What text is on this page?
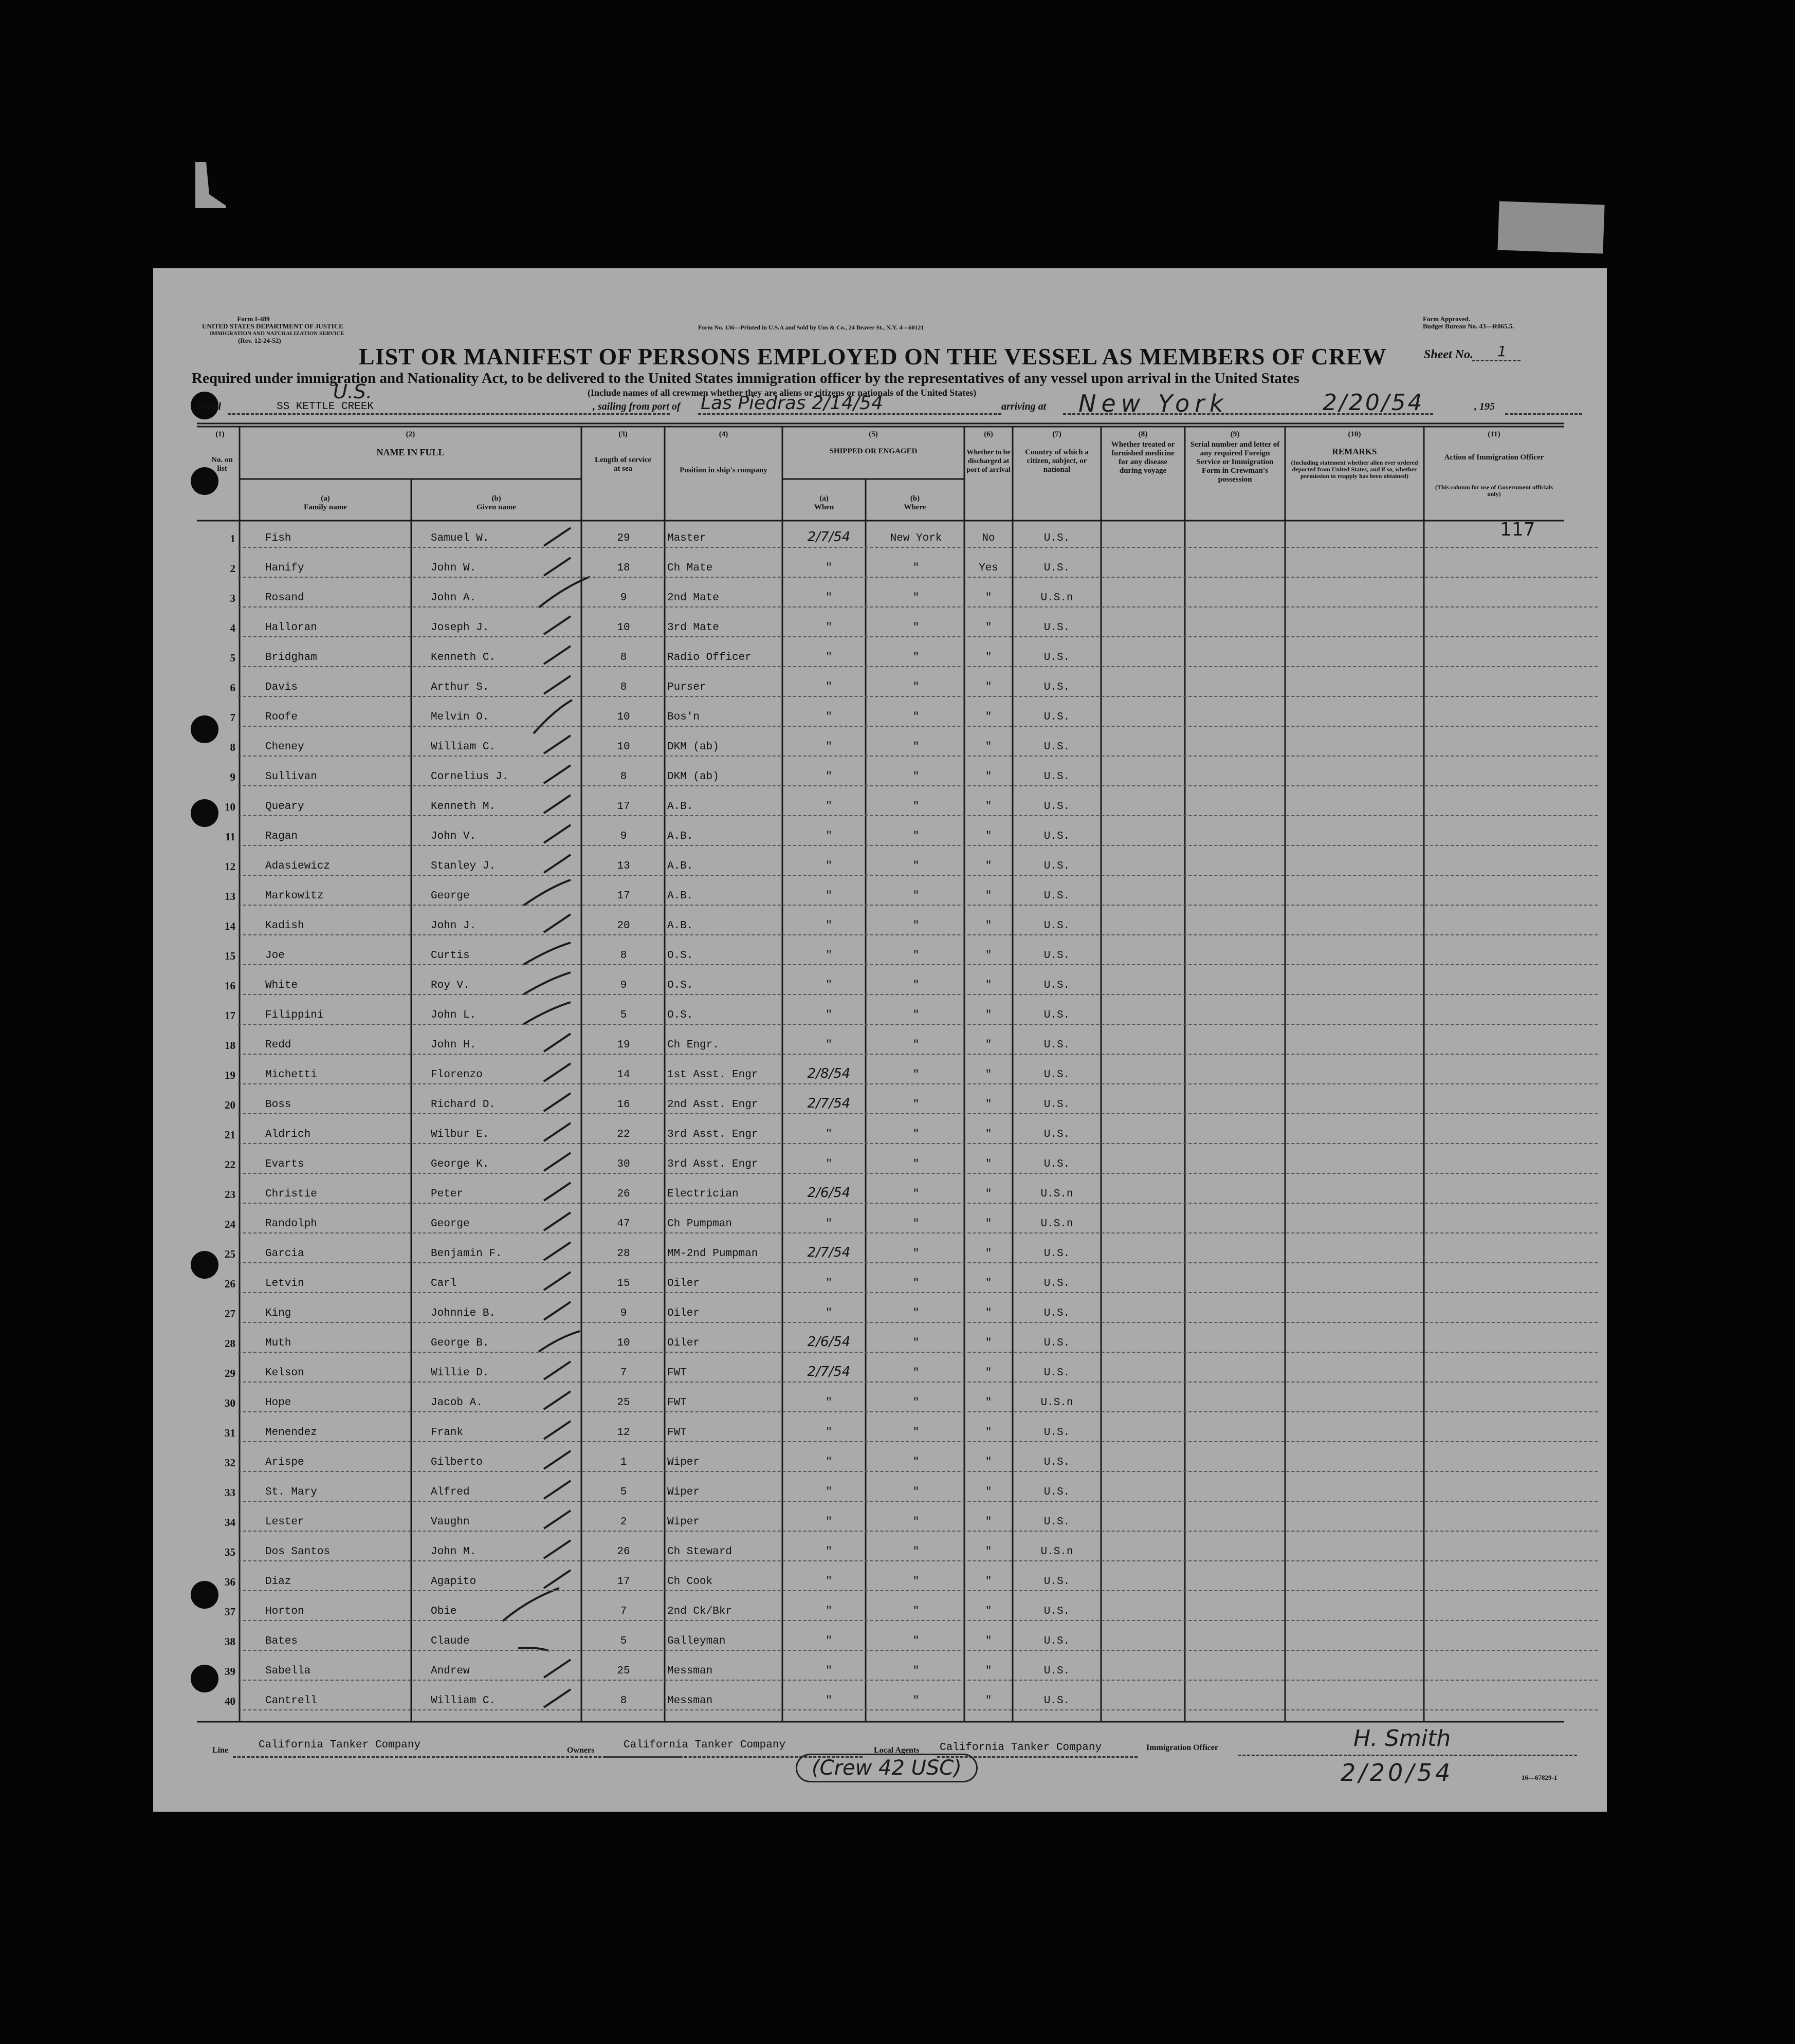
Form I-489
UNITED STATES DEPARTMENT OF JUSTICE
IMMIGRATION AND NATURALIZATION SERVICE
(Rev. 12-24-52)
Form No. 136—Printed in U.S.A and Sold by Uns & Co., 24 Beaver St., N.Y. 4—60121
Form Approved.
Budget Bureau No. 43—R065.5.
LIST OR MANIFEST OF PERSONS EMPLOYED ON THE VESSEL AS MEMBERS OF CREW	Sheet No. 1
Required under immigration and Nationality Act, to be delivered to the United States immigration officer by the representatives of any vessel upon arrival in the United States
(Include names of all crewmen whether they are aliens or citizens or nationals of the United States)
Vessel
U.S.
SS KETTLE CREEK	, sailing from port of Las Piedras 2/14/54	arriving at New York	2/20/54	, 195
(1)
No. on list
(2)
NAME IN FULL
(a)
Family name
(b)
Given name
(3)
Length of service at sea
(4)
Position in ship's company
(5)
SHIPPED OR ENGAGED
(a)
When
(b)
Where
(6)
Whether to be discharged at port of arrival
(7)
Country of which a citizen, subject, or national
(8)
Whether treated or furnished medicine for any disease during voyage
(9)
Serial number and letter of any required Foreign Service or Immigration Form in Crewman's possession
(10)
REMARKS
(Including statement whether alien ever ordered deported from United States, and if so, whether permission to reapply has been obtained)
(11)
Action of Immigration Officer
(This column for use of Government officials only)
117
1	Fish	Samuel W.	29	Master	2/7/54	New York	No	U.S.
2	Hanify	John W.	18	Ch Mate	"	"	Yes	U.S.
3	Rosand	John A.	9	2nd Mate	"	"	"	U.S.n
4	Halloran	Joseph J.	10	3rd Mate	"	"	"	U.S.
5	Bridgham	Kenneth C.	8	Radio Officer	"	"	"	U.S.
6	Davis	Arthur S.	8	Purser	"	"	"	U.S.
7	Roofe	Melvin O.	10	Bos'n	"	"	"	U.S.
8	Cheney	William C.	10	DKM (ab)	"	"	"	U.S.
9	Sullivan	Cornelius J.	8	DKM (ab)	"	"	"	U.S.
10	Queary	Kenneth M.	17	A.B.	"	"	"	U.S.
11	Ragan	John V.	9	A.B.	"	"	"	U.S.
12	Adasiewicz	Stanley J.	13	A.B.	"	"	"	U.S.
13	Markowitz	George	17	A.B.	"	"	"	U.S.
14	Kadish	John J.	20	A.B.	"	"	"	U.S.
15	Joe	Curtis	8	O.S.	"	"	"	U.S.
16	White	Roy V.	9	O.S.	"	"	"	U.S.
17	Filippini	John L.	5	O.S.	"	"	"	U.S.
18	Redd	John H.	19	Ch Engr.	"	"	"	U.S.
19	Michetti	Florenzo	14	1st Asst. Engr	2/8/54	"	"	U.S.
20	Boss	Richard D.	16	2nd Asst. Engr	2/7/54	"	"	U.S.
21	Aldrich	Wilbur E.	22	3rd Asst. Engr	"	"	"	U.S.
22	Evarts	George K.	30	3rd Asst. Engr	"	"	"	U.S.
23	Christie	Peter	26	Electrician	2/6/54	"	"	U.S.n
24	Randolph	George	47	Ch Pumpman	"	"	"	U.S.n
25	Garcia	Benjamin F.	28	MM-2nd Pumpman	2/7/54	"	"	U.S.
26	Letvin	Carl	15	Oiler	"	"	"	U.S.
27	King	Johnnie B.	9	Oiler	"	"	"	U.S.
28	Muth	George B.	10	Oiler	2/6/54	"	"	U.S.
29	Kelson	Willie D.	7	FWT	2/7/54	"	"	U.S.
30	Hope	Jacob A.	25	FWT	"	"	"	U.S.n
31	Menendez	Frank	12	FWT	"	"	"	U.S.
32	Arispe	Gilberto	1	Wiper	"	"	"	U.S.
33	St. Mary	Alfred	5	Wiper	"	"	"	U.S.
34	Lester	Vaughn	2	Wiper	"	"	"	U.S.
35	Dos Santos	John M.	26	Ch Steward	"	"	"	U.S.n
36	Diaz	Agapito	17	Ch Cook	"	"	"	U.S.
37	Horton	Obie	7	2nd Ck/Bkr	"	"	"	U.S.
38	Bates	Claude	5	Galleyman	"	"	"	U.S.
39	Sabella	Andrew	25	Messman	"	"	"	U.S.
40	Cantrell	William C.	8	Messman	"	"	"	U.S.
Line	California Tanker Company	Owners	California Tanker Company	Local Agents California Tanker Company	Immigration Officer	H. Smith
2/20/54
(Crew 42 USC)	16—67829-1
